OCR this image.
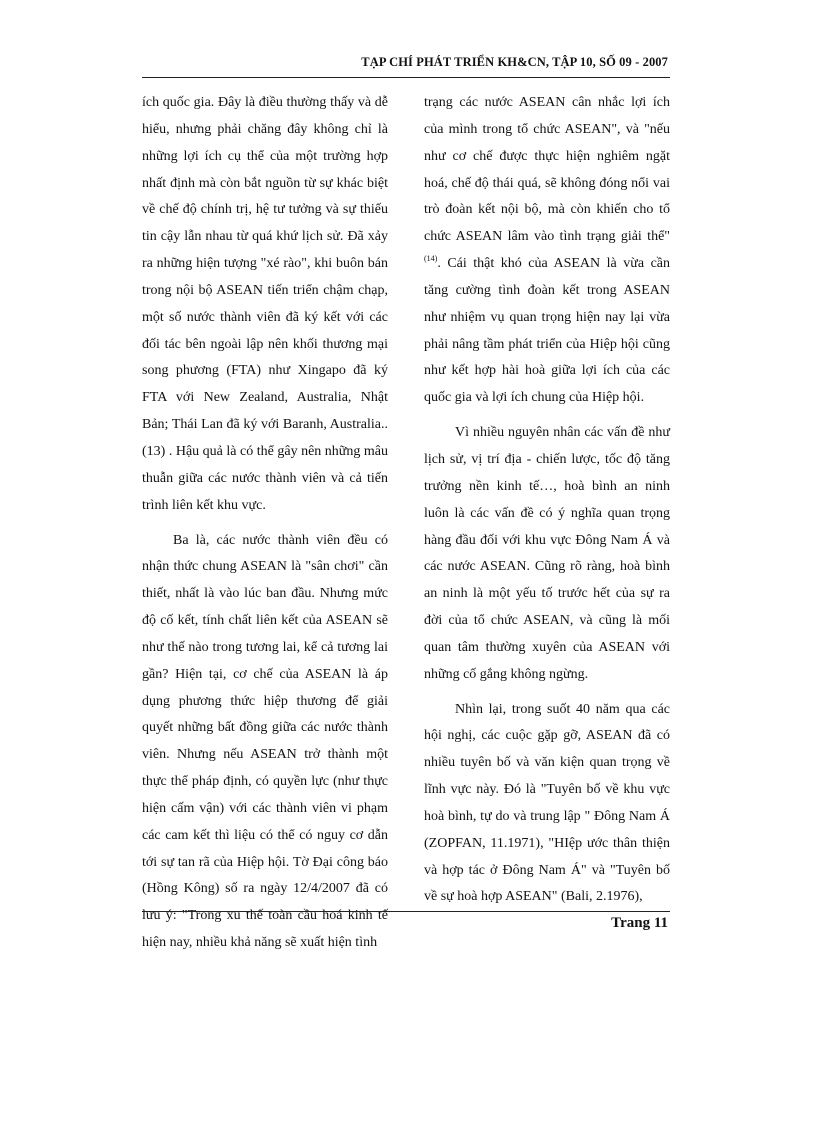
TẠP CHÍ PHÁT TRIỂN KH&CN, TẬP 10, SỐ 09 - 2007

ích quốc gia. Đây là điều thường thấy và dễ hiểu, nhưng phải chăng đây không chỉ là những lợi ích cụ thể của một trường hợp nhất định mà còn bắt nguồn từ sự khác biệt về chế độ chính trị, hệ tư tưởng và sự thiếu tin cậy lẫn nhau từ quá khứ lịch sử. Đã xảy ra những hiện tượng "xé rào", khi buôn bán trong nội bộ ASEAN tiến triển chậm chạp, một số nước thành viên đã ký kết với các đối tác bên ngoài lập nên khối thương mại song phương (FTA) như Xingapo đã ký FTA với New Zealand, Australia, Nhật Bản; Thái Lan đã ký với Baranh, Australia.. (13) . Hậu quả là có thể gây nên những mâu thuẫn giữa các nước thành viên và cả tiến trình liên kết khu vực.

Ba là, các nước thành viên đều có nhận thức chung ASEAN là "sân chơi" cần thiết, nhất là vào lúc ban đầu. Nhưng mức độ cố kết, tính chất liên kết của ASEAN sẽ như thế nào trong tương lai, kể cả tương lai gần? Hiện tại, cơ chế của ASEAN là áp dụng phương thức hiệp thương để giải quyết những bất đồng giữa các nước thành viên. Nhưng nếu ASEAN trở thành một thực thể pháp định, có quyền lực (như thực hiện cấm vận) với các thành viên vi phạm các cam kết thì liệu có thể có nguy cơ dẫn tới sự tan rã của Hiệp hội. Tờ Đại công báo (Hồng Kông) số ra ngày 12/4/2007 đã có lưu ý: "Trong xu thế toàn cầu hoá kinh tế hiện nay, nhiều khả năng sẽ xuất hiện tình

trạng các nước ASEAN cân nhắc lợi ích của mình trong tổ chức ASEAN", và "nếu như cơ chế được thực hiện nghiêm ngặt hoá, chế độ thái quá, sẽ không đóng nổi vai trò đoàn kết nội bộ, mà còn khiến cho tổ chức ASEAN lâm vào tình trạng giải thể"$^{(14)}$. Cái thật khó của ASEAN là vừa cần tăng cường tình đoàn kết trong ASEAN như nhiệm vụ quan trọng hiện nay lại vừa phải nâng tầm phát triển của Hiệp hội cũng như kết hợp hài hoà giữa lợi ích của các quốc gia và lợi ích chung của Hiệp hội.

Vì nhiều nguyên nhân các vấn đề như lịch sử, vị trí địa - chiến lược, tốc độ tăng trưởng nền kinh tế…, hoà bình an ninh luôn là các vấn đề có ý nghĩa quan trọng hàng đầu đối với khu vực Đông Nam Á và các nước ASEAN. Cũng rõ ràng, hoà bình an ninh là một yếu tố trước hết của sự ra đời của tổ chức ASEAN, và cũng là mối quan tâm thường xuyên của ASEAN với những cố gắng không ngừng.

Nhìn lại, trong suốt 40 năm qua các hội nghị, các cuộc gặp gỡ, ASEAN đã có nhiều tuyên bố và văn kiện quan trọng về lĩnh vực này. Đó là "Tuyên bố về khu vực hoà bình, tự do và trung lập " Đông Nam Á (ZOPFAN, 11.1971), "HIệp ước thân thiện và hợp tác ở Đông Nam Á" và "Tuyên bố về sự hoà hợp ASEAN" (Bali, 2.1976),

Trang 11
